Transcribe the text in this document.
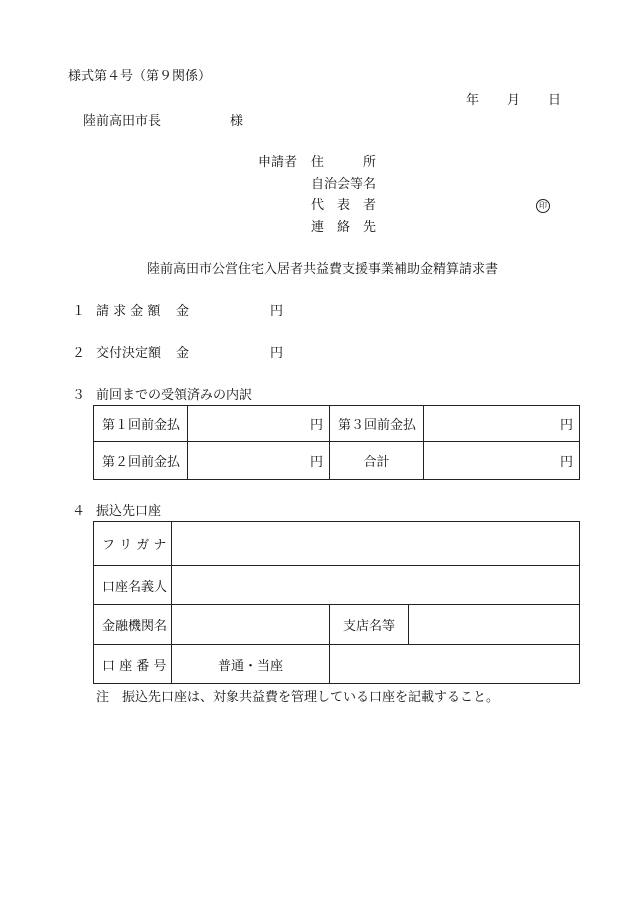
様式第４号（第９関係）
年 月 日
陸前高田市長	様
申請者 住　　　所
自治会等名
代　表　者	印
連　絡　先
陸前高田市公営住宅入居者共益費支援事業補助金精算請求書
１ 請 求 金 額 金	円
２ 交付決定額 金	円
３ 前回までの受領済みの内訳
第１回前金払	円	第３回前金払	円
第２回前金払	円	合計	円
４ 振込先口座
フ リ ガ ナ			
口座名義人			
金融機関名		支店名等	
口 座 番 号	普通・当座		
注　振込先口座は、対象共益費を管理している口座を記載すること。
